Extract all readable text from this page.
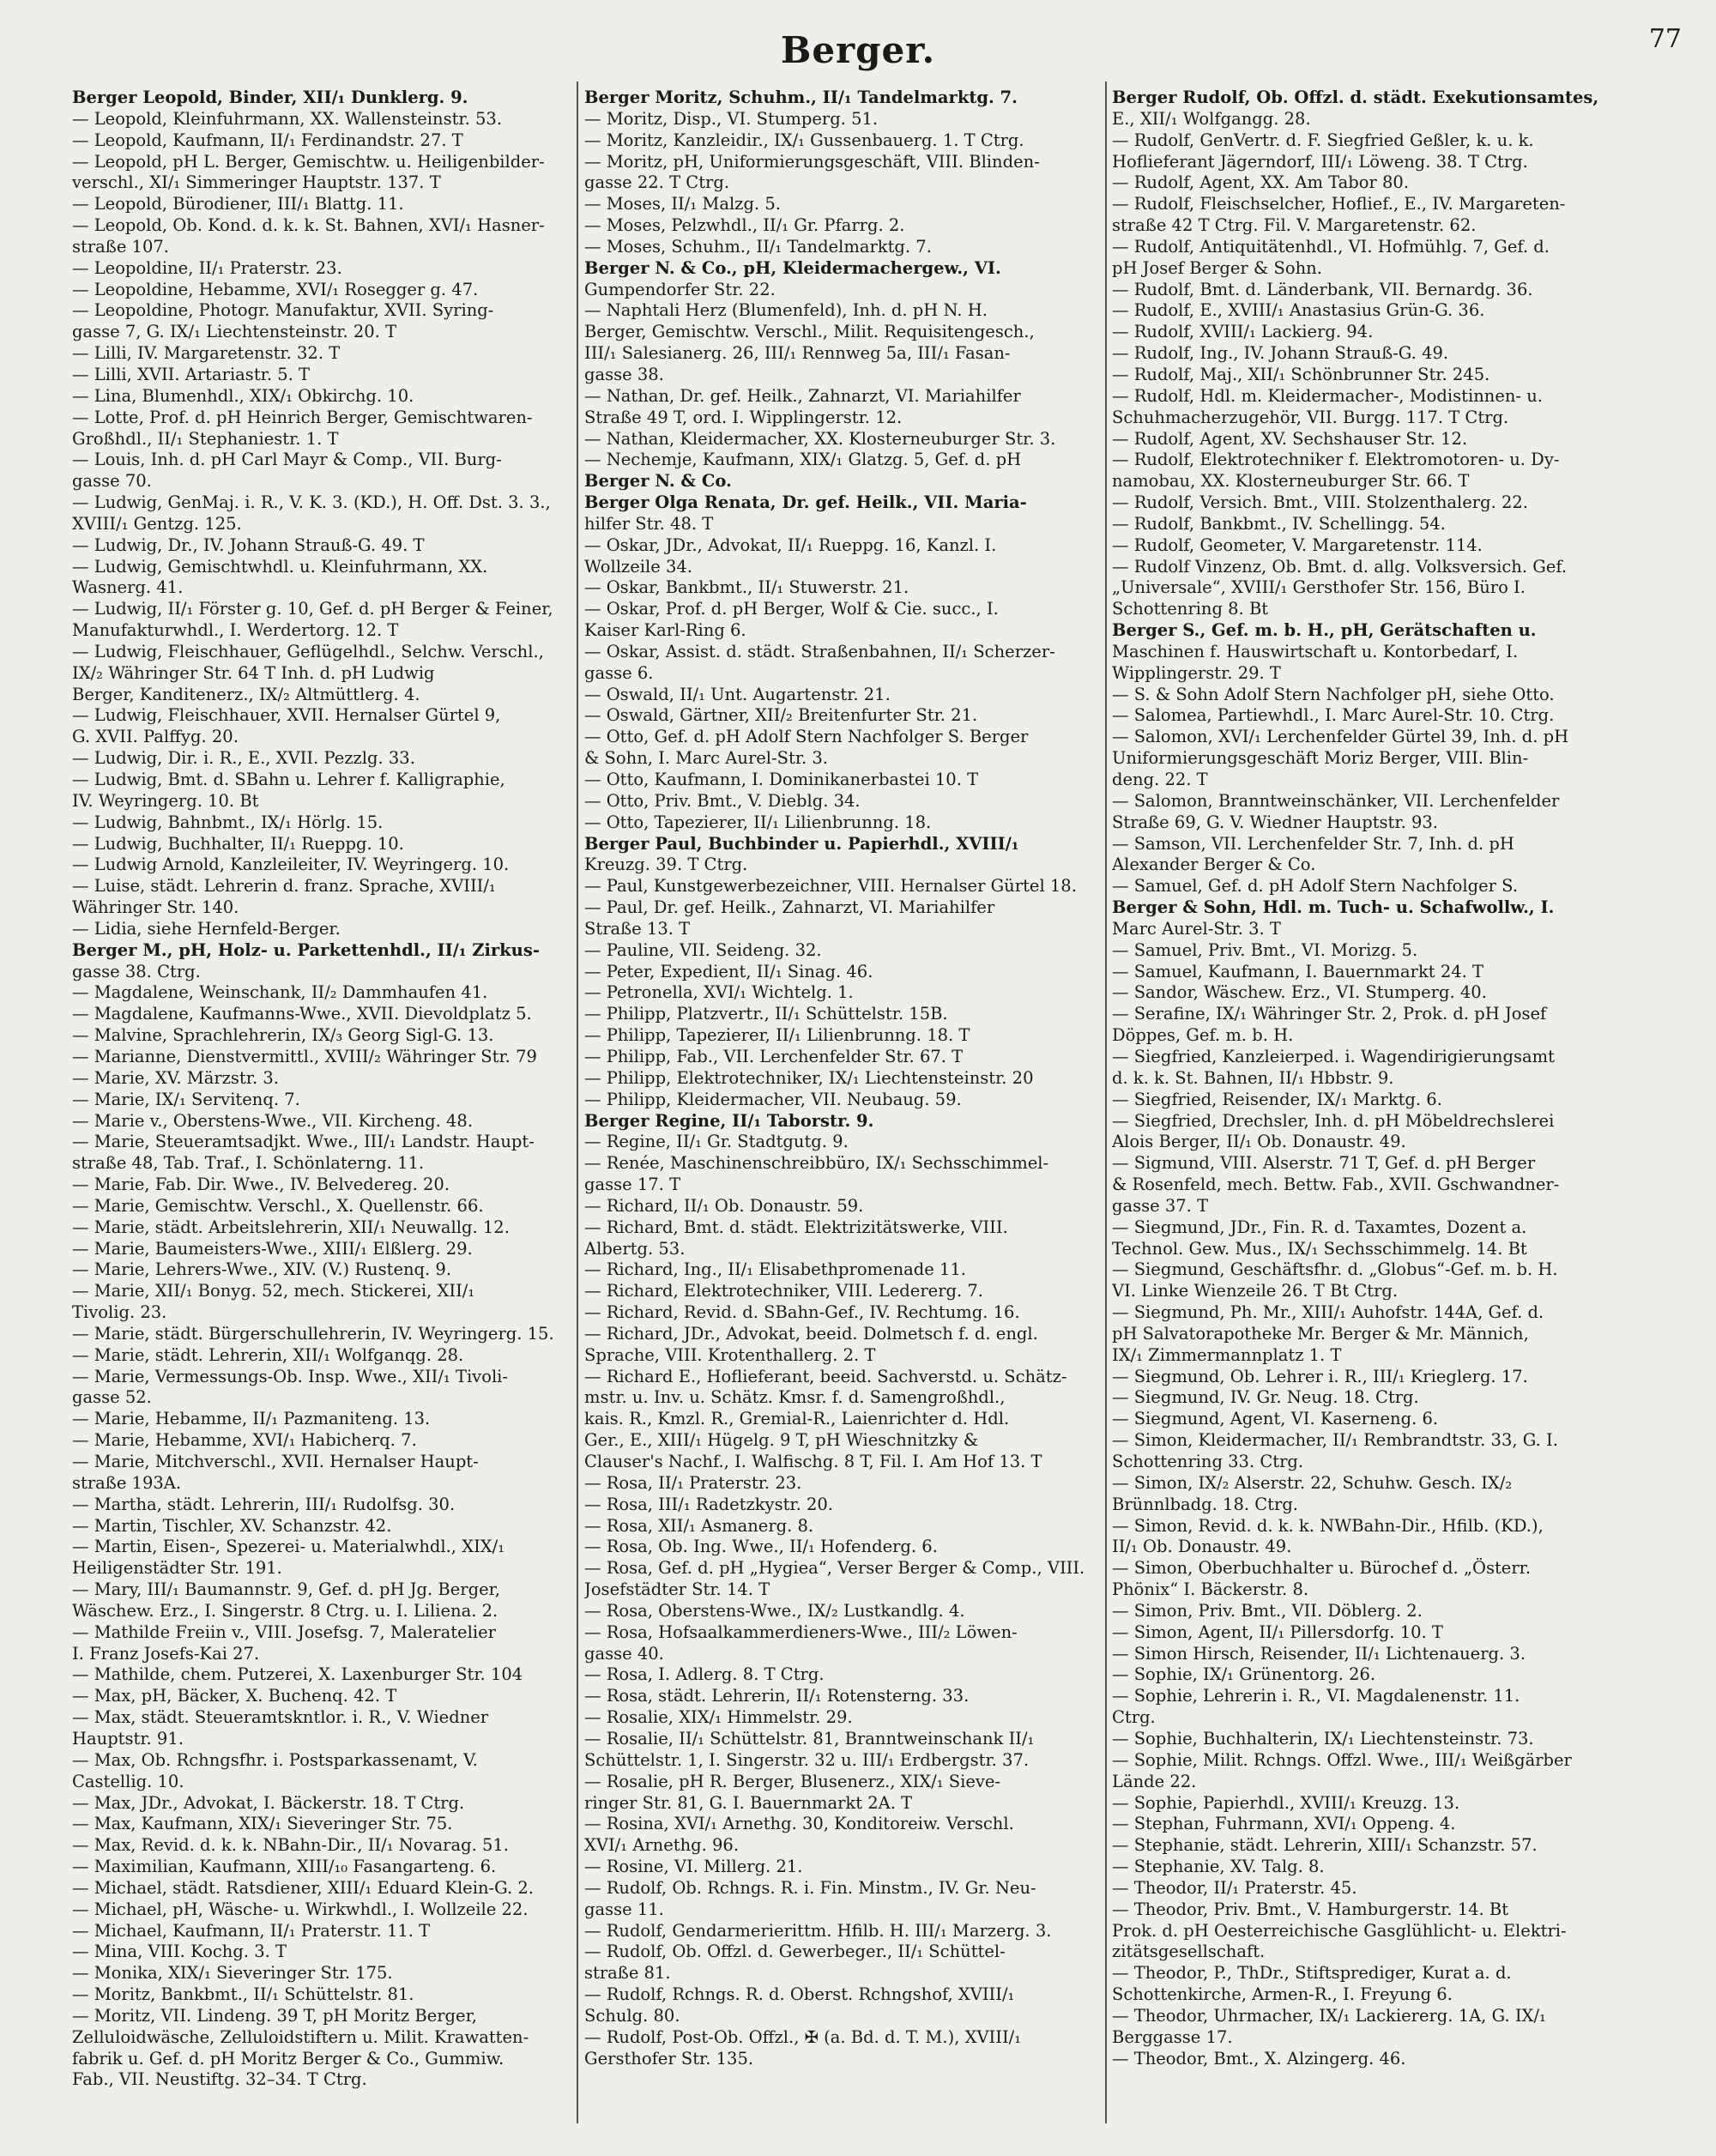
Berger.	77
Berger Leopold, Binder, XII/₁ Dunklerg. 9.
— Leopold, Kleinfuhrmann, XX. Wallensteinstr. 53.
— Leopold, Kaufmann, II/₁ Ferdinandstr. 27. T
— Leopold, pH L. Berger, Gemischtw. u. Heiligenbilder-
verschl., XI/₁ Simmeringer Hauptstr. 137. T
— Leopold, Bürodiener, III/₁ Blattg. 11.
— Leopold, Ob. Kond. d. k. k. St. Bahnen, XVI/₁ Hasner-
straße 107.
— Leopoldine, II/₁ Praterstr. 23.
— Leopoldine, Hebamme, XVI/₁ Rosegger g. 47.
— Leopoldine, Photogr. Manufaktur, XVII. Syring-
gasse 7, G. IX/₁ Liechtensteinstr. 20. T
— Lilli, IV. Margaretenstr. 32. T
— Lilli, XVII. Artariastr. 5. T
— Lina, Blumenhdl., XIX/₁ Obkirchg. 10.
— Lotte, Prof. d. pH Heinrich Berger, Gemischtwaren-
Großhdl., II/₁ Stephaniestr. 1. T
— Louis, Inh. d. pH Carl Mayr & Comp., VII. Burg-
gasse 70.
— Ludwig, GenMaj. i. R., V. K. 3. (KD.), H. Off. Dst. 3. 3.,
XVIII/₁ Gentzg. 125.
— Ludwig, Dr., IV. Johann Strauß-G. 49. T
— Ludwig, Gemischtwhdl. u. Kleinfuhrmann, XX.
Wasnerg. 41.
— Ludwig, II/₁ Förster g. 10, Gef. d. pH Berger & Feiner,
Manufakturwhdl., I. Werdertorg. 12. T
— Ludwig, Fleischhauer, Geflügelhdl., Selchw. Verschl.,
IX/₂ Währinger Str. 64 T Inh. d. pH Ludwig
Berger, Kanditenerz., IX/₂ Altmüttlerg. 4.
— Ludwig, Fleischhauer, XVII. Hernalser Gürtel 9,
G. XVII. Palffyg. 20.
— Ludwig, Dir. i. R., E., XVII. Pezzlg. 33.
— Ludwig, Bmt. d. SBahn u. Lehrer f. Kalligraphie,
IV. Weyringerg. 10. Bt
— Ludwig, Bahnbmt., IX/₁ Hörlg. 15.
— Ludwig, Buchhalter, II/₁ Rueppg. 10.
— Ludwig Arnold, Kanzleileiter, IV. Weyringerg. 10.
— Luise, städt. Lehrerin d. franz. Sprache, XVIII/₁
Währinger Str. 140.
— Lidia, siehe Hernfeld-Berger.
Berger M., pH, Holz- u. Parkettenhdl., II/₁ Zirkus-
gasse 38. Ctrg.
— Magdalene, Weinschank, II/₂ Dammhaufen 41.
— Magdalene, Kaufmanns-Wwe., XVII. Dievoldplatz 5.
— Malvine, Sprachlehrerin, IX/₃ Georg Sigl-G. 13.
— Marianne, Dienstvermittl., XVIII/₂ Währinger Str. 79
— Marie, XV. Märzstr. 3.
— Marie, IX/₁ Servitenq. 7.
— Marie v., Oberstens-Wwe., VII. Kircheng. 48.
— Marie, Steueramtsadjkt. Wwe., III/₁ Landstr. Haupt-
straße 48, Tab. Traf., I. Schönlaterng. 11.
— Marie, Fab. Dir. Wwe., IV. Belvedereg. 20.
— Marie, Gemischtw. Verschl., X. Quellenstr. 66.
— Marie, städt. Arbeitslehrerin, XII/₁ Neuwallg. 12.
— Marie, Baumeisters-Wwe., XIII/₁ Elßlerg. 29.
— Marie, Lehrers-Wwe., XIV. (V.) Rustenq. 9.
— Marie, XII/₁ Bonyg. 52, mech. Stickerei, XII/₁
Tivolig. 23.
— Marie, städt. Bürgerschullehrerin, IV. Weyringerg. 15.
— Marie, städt. Lehrerin, XII/₁ Wolfganqg. 28.
— Marie, Vermessungs-Ob. Insp. Wwe., XII/₁ Tivoli-
gasse 52.
— Marie, Hebamme, II/₁ Pazmaniteng. 13.
— Marie, Hebamme, XVI/₁ Habicherq. 7.
— Marie, Mitchverschl., XVII. Hernalser Haupt-
straße 193A.
— Martha, städt. Lehrerin, III/₁ Rudolfsg. 30.
— Martin, Tischler, XV. Schanzstr. 42.
— Martin, Eisen-, Spezerei- u. Materialwhdl., XIX/₁
Heiligenstädter Str. 191.
— Mary, III/₁ Baumannstr. 9, Gef. d. pH Jg. Berger,
Wäschew. Erz., I. Singerstr. 8 Ctrg. u. I. Liliena. 2.
— Mathilde Freiin v., VIII. Josefsg. 7, Maleratelier
I. Franz Josefs-Kai 27.
— Mathilde, chem. Putzerei, X. Laxenburger Str. 104
— Max, pH, Bäcker, X. Buchenq. 42. T
— Max, städt. Steueramtskntlor. i. R., V. Wiedner
Hauptstr. 91.
— Max, Ob. Rchngsfhr. i. Postsparkassenamt, V.
Castellig. 10.
— Max, JDr., Advokat, I. Bäckerstr. 18. T Ctrg.
— Max, Kaufmann, XIX/₁ Sieveringer Str. 75.
— Max, Revid. d. k. k. NBahn-Dir., II/₁ Novarag. 51.
— Maximilian, Kaufmann, XIII/₁₀ Fasangarteng. 6.
— Michael, städt. Ratsdiener, XIII/₁ Eduard Klein-G. 2.
— Michael, pH, Wäsche- u. Wirkwhdl., I. Wollzeile 22.
— Michael, Kaufmann, II/₁ Praterstr. 11. T
— Mina, VIII. Kochg. 3. T
— Monika, XIX/₁ Sieveringer Str. 175.
— Moritz, Bankbmt., II/₁ Schüttelstr. 81.
— Moritz, VII. Lindeng. 39 T, pH Moritz Berger,
Zelluloidwäsche, Zelluloidstiftern u. Milit. Krawatten-
fabrik u. Gef. d. pH Moritz Berger & Co., Gummiw.
Fab., VII. Neustiftg. 32–34. T Ctrg.
Berger Moritz, Schuhm., II/₁ Tandelmarktg. 7.
— Moritz, Disp., VI. Stumperg. 51.
— Moritz, Kanzleidir., IX/₁ Gussenbauerg. 1. T Ctrg.
— Moritz, pH, Uniformierungsgeschäft, VIII. Blinden-
gasse 22. T Ctrg.
— Moses, II/₁ Malzg. 5.
— Moses, Pelzwhdl., II/₁ Gr. Pfarrg. 2.
— Moses, Schuhm., II/₁ Tandelmarktg. 7.
Berger N. & Co., pH, Kleidermachergew., VI.
Gumpendorfer Str. 22.
— Naphtali Herz (Blumenfeld), Inh. d. pH N. H.
Berger, Gemischtw. Verschl., Milit. Requisitengesch.,
III/₁ Salesianerg. 26, III/₁ Rennweg 5a, III/₁ Fasan-
gasse 38.
— Nathan, Dr. gef. Heilk., Zahnarzt, VI. Mariahilfer
Straße 49 T, ord. I. Wipplingerstr. 12.
— Nathan, Kleidermacher, XX. Klosterneuburger Str. 3.
— Nechemje, Kaufmann, XIX/₁ Glatzg. 5, Gef. d. pH
Berger N. & Co.
Berger Olga Renata, Dr. gef. Heilk., VII. Maria-
hilfer Str. 48. T
— Oskar, JDr., Advokat, II/₁ Rueppg. 16, Kanzl. I.
Wollzeile 34.
— Oskar, Bankbmt., II/₁ Stuwerstr. 21.
— Oskar, Prof. d. pH Berger, Wolf & Cie. succ., I.
Kaiser Karl-Ring 6.
— Oskar, Assist. d. städt. Straßenbahnen, II/₁ Scherzer-
gasse 6.
— Oswald, II/₁ Unt. Augartenstr. 21.
— Oswald, Gärtner, XII/₂ Breitenfurter Str. 21.
— Otto, Gef. d. pH Adolf Stern Nachfolger S. Berger
& Sohn, I. Marc Aurel-Str. 3.
— Otto, Kaufmann, I. Dominikanerbastei 10. T
— Otto, Priv. Bmt., V. Dieblg. 34.
— Otto, Tapezierer, II/₁ Lilienbrunng. 18.
Berger Paul, Buchbinder u. Papierhdl., XVIII/₁
Kreuzg. 39. T Ctrg.
— Paul, Kunstgewerbezeichner, VIII. Hernalser Gürtel 18.
— Paul, Dr. gef. Heilk., Zahnarzt, VI. Mariahilfer
Straße 13. T
— Pauline, VII. Seideng. 32.
— Peter, Expedient, II/₁ Sinag. 46.
— Petronella, XVI/₁ Wichtelg. 1.
— Philipp, Platzvertr., II/₁ Schüttelstr. 15B.
— Philipp, Tapezierer, II/₁ Lilienbrunng. 18. T
— Philipp, Fab., VII. Lerchenfelder Str. 67. T
— Philipp, Elektrotechniker, IX/₁ Liechtensteinstr. 20
— Philipp, Kleidermacher, VII. Neubaug. 59.
Berger Regine, II/₁ Taborstr. 9.
— Regine, II/₁ Gr. Stadtgutg. 9.
— Renée, Maschinenschreibbüro, IX/₁ Sechsschimmel-
gasse 17. T
— Richard, II/₁ Ob. Donaustr. 59.
— Richard, Bmt. d. städt. Elektrizitätswerke, VIII.
Albertg. 53.
— Richard, Ing., II/₁ Elisabethpromenade 11.
— Richard, Elektrotechniker, VIII. Ledererg. 7.
— Richard, Revid. d. SBahn-Gef., IV. Rechtumg. 16.
— Richard, JDr., Advokat, beeid. Dolmetsch f. d. engl.
Sprache, VIII. Krotenthallerg. 2. T
— Richard E., Hoflieferant, beeid. Sachverstd. u. Schätz-
mstr. u. Inv. u. Schätz. Kmsr. f. d. Samengroßhdl.,
kais. R., Kmzl. R., Gremial-R., Laienrichter d. Hdl.
Ger., E., XIII/₁ Hügelg. 9 T, pH Wieschnitzky &
Clauser's Nachf., I. Walfischg. 8 T, Fil. I. Am Hof 13. T
— Rosa, II/₁ Praterstr. 23.
— Rosa, III/₁ Radetzkystr. 20.
— Rosa, XII/₁ Asmanerg. 8.
— Rosa, Ob. Ing. Wwe., II/₁ Hofenderg. 6.
— Rosa, Gef. d. pH „Hygiea“, Verser Berger & Comp., VIII.
Josefstädter Str. 14. T
— Rosa, Oberstens-Wwe., IX/₂ Lustkandlg. 4.
— Rosa, Hofsaalkammerdieners-Wwe., III/₂ Löwen-
gasse 40.
— Rosa, I. Adlerg. 8. T Ctrg.
— Rosa, städt. Lehrerin, II/₁ Rotensterng. 33.
— Rosalie, XIX/₁ Himmelstr. 29.
— Rosalie, II/₁ Schüttelstr. 81, Branntweinschank II/₁
Schüttelstr. 1, I. Singerstr. 32 u. III/₁ Erdbergstr. 37.
— Rosalie, pH R. Berger, Blusenerz., XIX/₁ Sieve-
ringer Str. 81, G. I. Bauernmarkt 2A. T
— Rosina, XVI/₁ Arnethg. 30, Konditoreiw. Verschl.
XVI/₁ Arnethg. 96.
— Rosine, VI. Millerg. 21.
— Rudolf, Ob. Rchngs. R. i. Fin. Minstm., IV. Gr. Neu-
gasse 11.
— Rudolf, Gendarmerierittm. Hfilb. H. III/₁ Marzerg. 3.
— Rudolf, Ob. Offzl. d. Gewerbeger., II/₁ Schüttel-
straße 81.
— Rudolf, Rchngs. R. d. Oberst. Rchngshof, XVIII/₁
Schulg. 80.
— Rudolf, Post-Ob. Offzl., ✠ (a. Bd. d. T. M.), XVIII/₁
Gersthofer Str. 135.
Berger Rudolf, Ob. Offzl. d. städt. Exekutionsamtes,
E., XII/₁ Wolfgangg. 28.
— Rudolf, GenVertr. d. F. Siegfried Geßler, k. u. k.
Hoflieferant Jägerndorf, III/₁ Löweng. 38. T Ctrg.
— Rudolf, Agent, XX. Am Tabor 80.
— Rudolf, Fleischselcher, Hoflief., E., IV. Margareten-
straße 42 T Ctrg. Fil. V. Margaretenstr. 62.
— Rudolf, Antiquitätenhdl., VI. Hofmühlg. 7, Gef. d.
pH Josef Berger & Sohn.
— Rudolf, Bmt. d. Länderbank, VII. Bernardg. 36.
— Rudolf, E., XVIII/₁ Anastasius Grün-G. 36.
— Rudolf, XVIII/₁ Lackierg. 94.
— Rudolf, Ing., IV. Johann Strauß-G. 49.
— Rudolf, Maj., XII/₁ Schönbrunner Str. 245.
— Rudolf, Hdl. m. Kleidermacher-, Modistinnen- u.
Schuhmacherzugehör, VII. Burgg. 117. T Ctrg.
— Rudolf, Agent, XV. Sechshauser Str. 12.
— Rudolf, Elektrotechniker f. Elektromotoren- u. Dy-
namobau, XX. Klosterneuburger Str. 66. T
— Rudolf, Versich. Bmt., VIII. Stolzenthalerg. 22.
— Rudolf, Bankbmt., IV. Schellingg. 54.
— Rudolf, Geometer, V. Margaretenstr. 114.
— Rudolf Vinzenz, Ob. Bmt. d. allg. Volksversich. Gef.
„Universale“, XVIII/₁ Gersthofer Str. 156, Büro I.
Schottenring 8. Bt
Berger S., Gef. m. b. H., pH, Gerätschaften u.
Maschinen f. Hauswirtschaft u. Kontorbedarf, I.
Wipplingerstr. 29. T
— S. & Sohn Adolf Stern Nachfolger pH, siehe Otto.
— Salomea, Partiewhdl., I. Marc Aurel-Str. 10. Ctrg.
— Salomon, XVI/₁ Lerchenfelder Gürtel 39, Inh. d. pH
Uniformierungsgeschäft Moriz Berger, VIII. Blin-
deng. 22. T
— Salomon, Branntweinschänker, VII. Lerchenfelder
Straße 69, G. V. Wiedner Hauptstr. 93.
— Samson, VII. Lerchenfelder Str. 7, Inh. d. pH
Alexander Berger & Co.
— Samuel, Gef. d. pH Adolf Stern Nachfolger S.
Berger & Sohn, Hdl. m. Tuch- u. Schafwollw., I.
Marc Aurel-Str. 3. T
— Samuel, Priv. Bmt., VI. Morizg. 5.
— Samuel, Kaufmann, I. Bauernmarkt 24. T
— Sandor, Wäschew. Erz., VI. Stumperg. 40.
— Serafine, IX/₁ Währinger Str. 2, Prok. d. pH Josef
Döppes, Gef. m. b. H.
— Siegfried, Kanzleierped. i. Wagendirigierungsamt
d. k. k. St. Bahnen, II/₁ Hbbstr. 9.
— Siegfried, Reisender, IX/₁ Marktg. 6.
— Siegfried, Drechsler, Inh. d. pH Möbeldrechslerei
Alois Berger, II/₁ Ob. Donaustr. 49.
— Sigmund, VIII. Alserstr. 71 T, Gef. d. pH Berger
& Rosenfeld, mech. Bettw. Fab., XVII. Gschwandner-
gasse 37. T
— Siegmund, JDr., Fin. R. d. Taxamtes, Dozent a.
Technol. Gew. Mus., IX/₁ Sechsschimmelg. 14. Bt
— Siegmund, Geschäftsfhr. d. „Globus“-Gef. m. b. H.
VI. Linke Wienzeile 26. T Bt Ctrg.
— Siegmund, Ph. Mr., XIII/₁ Auhofstr. 144A, Gef. d.
pH Salvatorapotheke Mr. Berger & Mr. Männich,
IX/₁ Zimmermannplatz 1. T
— Siegmund, Ob. Lehrer i. R., III/₁ Krieglerg. 17.
— Siegmund, IV. Gr. Neug. 18. Ctrg.
— Siegmund, Agent, VI. Kaserneng. 6.
— Simon, Kleidermacher, II/₁ Rembrandtstr. 33, G. I.
Schottenring 33. Ctrg.
— Simon, IX/₂ Alserstr. 22, Schuhw. Gesch. IX/₂
Brünnlbadg. 18. Ctrg.
— Simon, Revid. d. k. k. NWBahn-Dir., Hfilb. (KD.),
II/₁ Ob. Donaustr. 49.
— Simon, Oberbuchhalter u. Bürochef d. „Österr.
Phönix“ I. Bäckerstr. 8.
— Simon, Priv. Bmt., VII. Döblerg. 2.
— Simon, Agent, II/₁ Pillersdorfg. 10. T
— Simon Hirsch, Reisender, II/₁ Lichtenauerg. 3.
— Sophie, IX/₁ Grünentorg. 26.
— Sophie, Lehrerin i. R., VI. Magdalenenstr. 11.
Ctrg.
— Sophie, Buchhalterin, IX/₁ Liechtensteinstr. 73.
— Sophie, Milit. Rchngs. Offzl. Wwe., III/₁ Weißgärber
Lände 22.
— Sophie, Papierhdl., XVIII/₁ Kreuzg. 13.
— Stephan, Fuhrmann, XVI/₁ Oppeng. 4.
— Stephanie, städt. Lehrerin, XIII/₁ Schanzstr. 57.
— Stephanie, XV. Talg. 8.
— Theodor, II/₁ Praterstr. 45.
— Theodor, Priv. Bmt., V. Hamburgerstr. 14. Bt
Prok. d. pH Oesterreichische Gasglühlicht- u. Elektri-
zitätsgesellschaft.
— Theodor, P., ThDr., Stiftsprediger, Kurat a. d.
Schottenkirche, Armen-R., I. Freyung 6.
— Theodor, Uhrmacher, IX/₁ Lackiererg. 1A, G. IX/₁
Berggasse 17.
— Theodor, Bmt., X. Alzingerg. 46.
